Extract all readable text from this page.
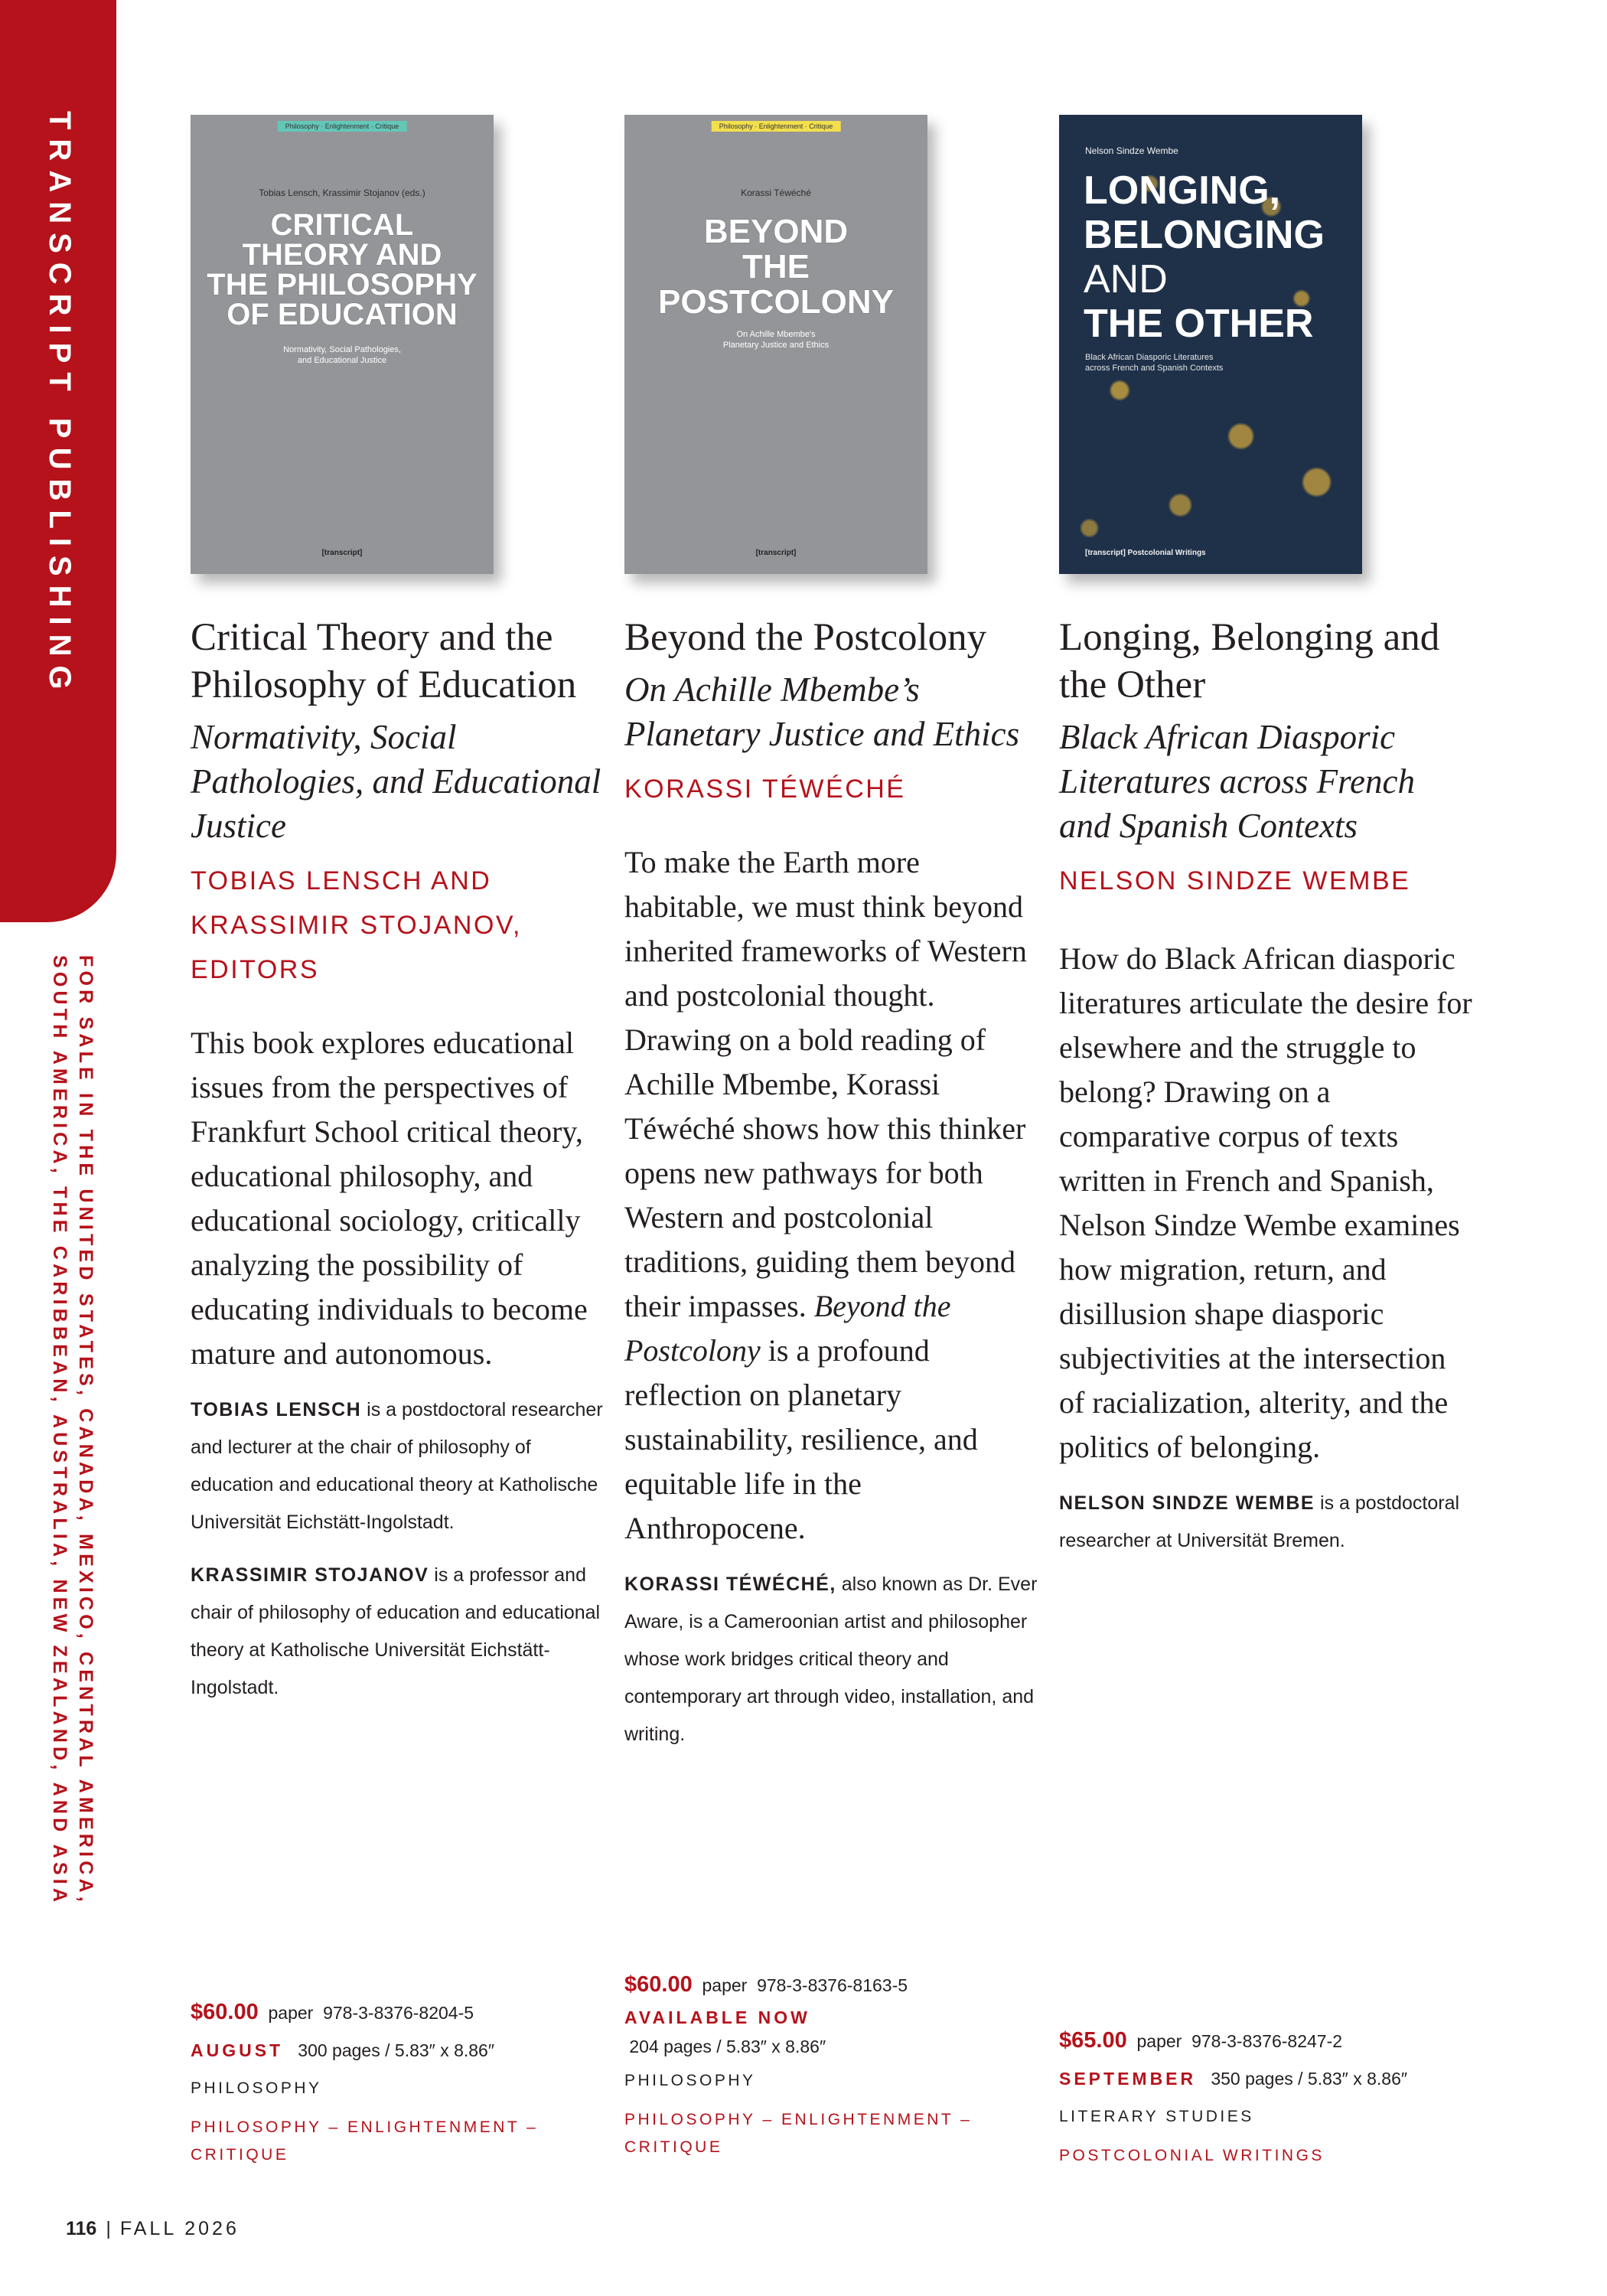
TRANSCRIPT PUBLISHING
FOR SALE IN THE UNITED STATES, CANADA, MEXICO, CENTRAL AMERICA,
SOUTH AMERICA, THE CARIBBEAN, AUSTRALIA, NEW ZEALAND, AND ASIA
Philosophy · Enlightenment · Critique
Tobias Lensch, Krassimir Stojanov (eds.)
CRITICAL
THEORY AND
THE PHILOSOPHY
OF EDUCATION
Normativity, Social Pathologies,
and Educational Justice
[transcript]
Critical Theory and the Philosophy of Education
Normativity, Social Pathologies, and Educational Justice
TOBIAS LENSCH AND KRASSIMIR STOJANOV, EDITORS

This book explores educational issues from the perspectives of Frankfurt School critical theory, educational philosophy, and educational sociology, critically analyzing the possibility of educating individuals to become mature and autonomous.

TOBIAS LENSCH is a postdoctoral researcher and lecturer at the chair of philosophy of education and educational theory at Katholische Universität Eichstätt-Ingolstadt.

KRASSIMIR STOJANOV is a professor and chair of philosophy of education and educational theory at Katholische Universität Eichstätt-Ingolstadt.

$60.00 paper 978-3-8376-8204-5
AUGUST 300 pages / 5.83″ x 8.86″
PHILOSOPHY
PHILOSOPHY – ENLIGHTENMENT – CRITIQUE
Philosophy · Enlightenment · Critique
Korassi Téwéché
BEYOND
THE
POSTCOLONY
On Achille Mbembe's
Planetary Justice and Ethics
[transcript]
Beyond the Postcolony
On Achille Mbembe’s Planetary Justice and Ethics
KORASSI TÉWÉCHÉ

To make the Earth more habitable, we must think beyond inherited frameworks of Western and postcolonial thought. Drawing on a bold reading of Achille Mbembe, Korassi Téwéché shows how this thinker opens new pathways for both Western and postcolonial traditions, guiding them beyond their impasses. Beyond the Postcolony is a profound reflection on planetary sustainability, resilience, and equitable life in the Anthropocene.

KORASSI TÉWÉCHÉ, also known as Dr. Ever Aware, is a Cameroonian artist and philosopher whose work bridges critical theory and contemporary art through video, installation, and writing.

$60.00 paper 978-3-8376-8163-5
AVAILABLE NOW
204 pages / 5.83″ x 8.86″
PHILOSOPHY
PHILOSOPHY – ENLIGHTENMENT – CRITIQUE
Nelson Sindze Wembe
LONGING,
BELONGING
AND
THE OTHER
Black African Diasporic Literatures
across French and Spanish Contexts
[transcript] Postcolonial Writings
Longing, Belonging and the Other
Black African Diasporic Literatures across French and Spanish Contexts
NELSON SINDZE WEMBE

How do Black African diasporic literatures articulate the desire for elsewhere and the struggle to belong? Drawing on a comparative corpus of texts written in French and Spanish, Nelson Sindze Wembe examines how migration, return, and disillusion shape diasporic subjectivities at the intersection of racialization, alterity, and the politics of belonging.

NELSON SINDZE WEMBE is a postdoctoral researcher at Universität Bremen.

$65.00 paper 978-3-8376-8247-2
SEPTEMBER 350 pages / 5.83″ x 8.86″
LITERARY STUDIES
POSTCOLONIAL WRITINGS
116 | FALL 2026
